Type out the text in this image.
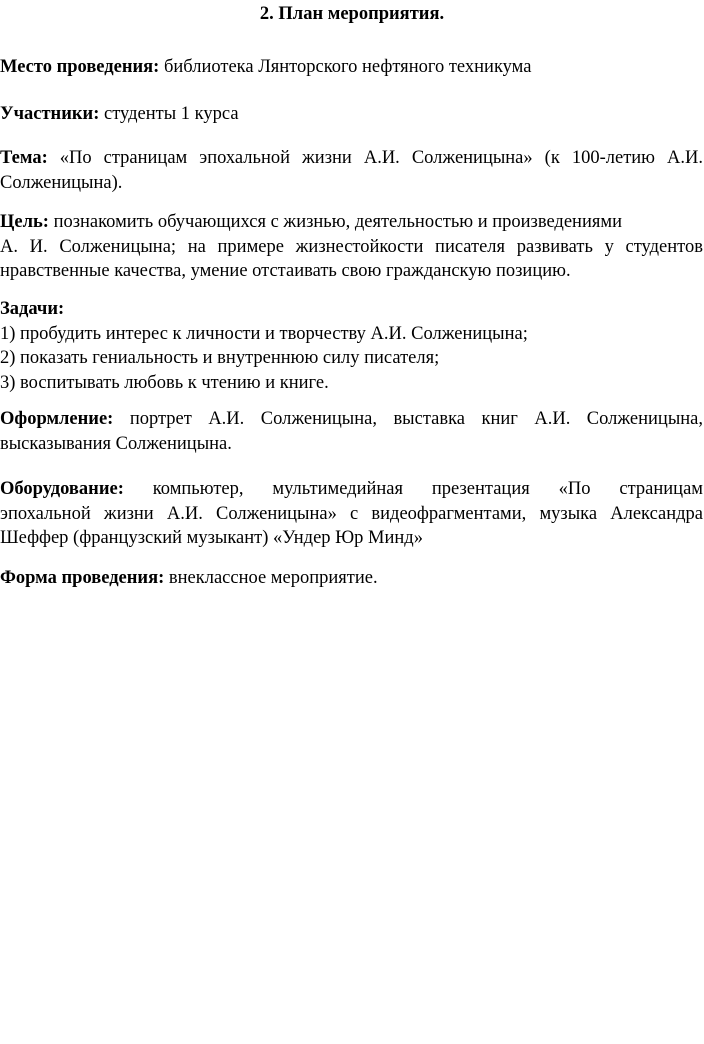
2. План мероприятия.

Место проведения: библиотека Лянторского нефтяного техникума

Участники: студенты 1 курса

Тема: «По страницам эпохальной жизни А.И. Солженицына» (к 100-летию А.И.
Солженицына).

Цель: познакомить обучающихся с жизнью, деятельностью и произведениями
А. И. Солженицына; на примере жизнестойкости писателя развивать у студентов
нравственные качества, умение отстаивать свою гражданскую позицию.

Задачи:
1) пробудить интерес к личности и творчеству А.И. Солженицына;
2) показать гениальность и внутреннюю силу писателя;
3) воспитывать любовь к чтению и книге.

Оформление: портрет А.И. Солженицына, выставка книг А.И. Солженицына,
высказывания Солженицына.

Оборудование: компьютер, мультимедийная презентация «По страницам
эпохальной жизни А.И. Солженицына» с видеофрагментами, музыка Александра
Шеффер (французский музыкант) «Ундер Юр Минд»

Форма проведения: внеклассное мероприятие.
